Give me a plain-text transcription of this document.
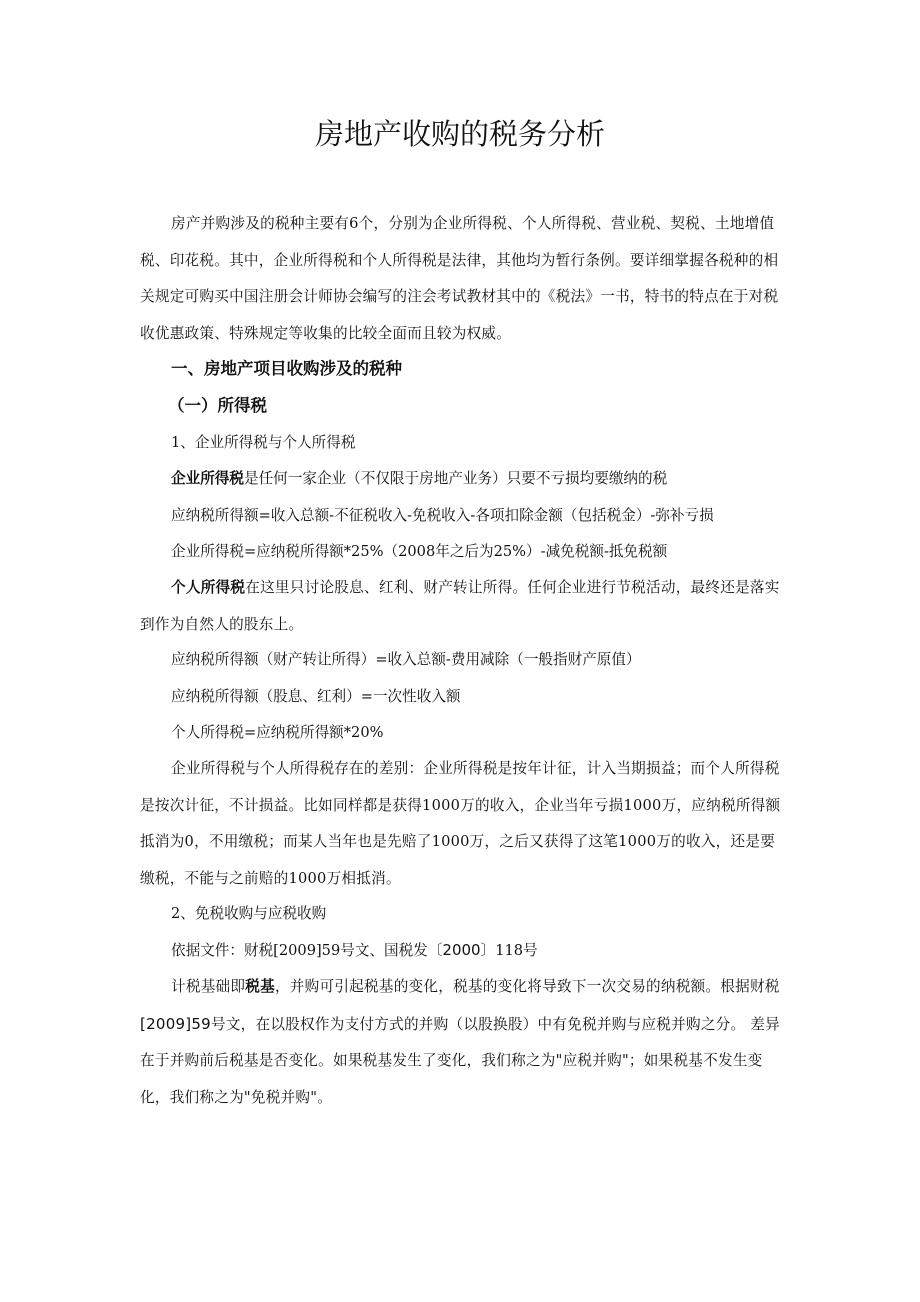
房地产收购的税务分析

房产并购涉及的税种主要有6个，分别为企业所得税、个人所得税、营业税、契税、土地增值税、印花税。其中，企业所得税和个人所得税是法律，其他均为暂行条例。要详细掌握各税种的相关规定可购买中国注册会计师协会编写的注会考试教材其中的《税法》一书，特书的特点在于对税收优惠政策、特殊规定等收集的比较全面而且较为权威。

一、房地产项目收购涉及的税种

（一）所得税

1、企业所得税与个人所得税

企业所得税是任何一家企业（不仅限于房地产业务）只要不亏损均要缴纳的税

应纳税所得额=收入总额-不征税收入-免税收入-各项扣除金额（包括税金）-弥补亏损

企业所得税=应纳税所得额*25%（2008年之后为25%）-减免税额-抵免税额

个人所得税在这里只讨论股息、红利、财产转让所得。任何企业进行节税活动，最终还是落实到作为自然人的股东上。

应纳税所得额（财产转让所得）=收入总额-费用减除（一般指财产原值）

应纳税所得额（股息、红利）=一次性收入额

个人所得税=应纳税所得额*20%

企业所得税与个人所得税存在的差别：企业所得税是按年计征，计入当期损益；而个人所得税是按次计征，不计损益。比如同样都是获得1000万的收入，企业当年亏损1000万，应纳税所得额抵消为0，不用缴税；而某人当年也是先赔了1000万，之后又获得了这笔1000万的收入，还是要缴税，不能与之前赔的1000万相抵消。

2、免税收购与应税收购

依据文件：财税[2009]59号文、国税发〔2000〕118号

计税基础即税基，并购可引起税基的变化，税基的变化将导致下一次交易的纳税额。根据财税[2009]59号文，在以股权作为支付方式的并购（以股换股）中有免税并购与应税并购之分。 差异在于并购前后税基是否变化。如果税基发生了变化，我们称之为"应税并购"；如果税基不发生变化，我们称之为"免税并购"。
